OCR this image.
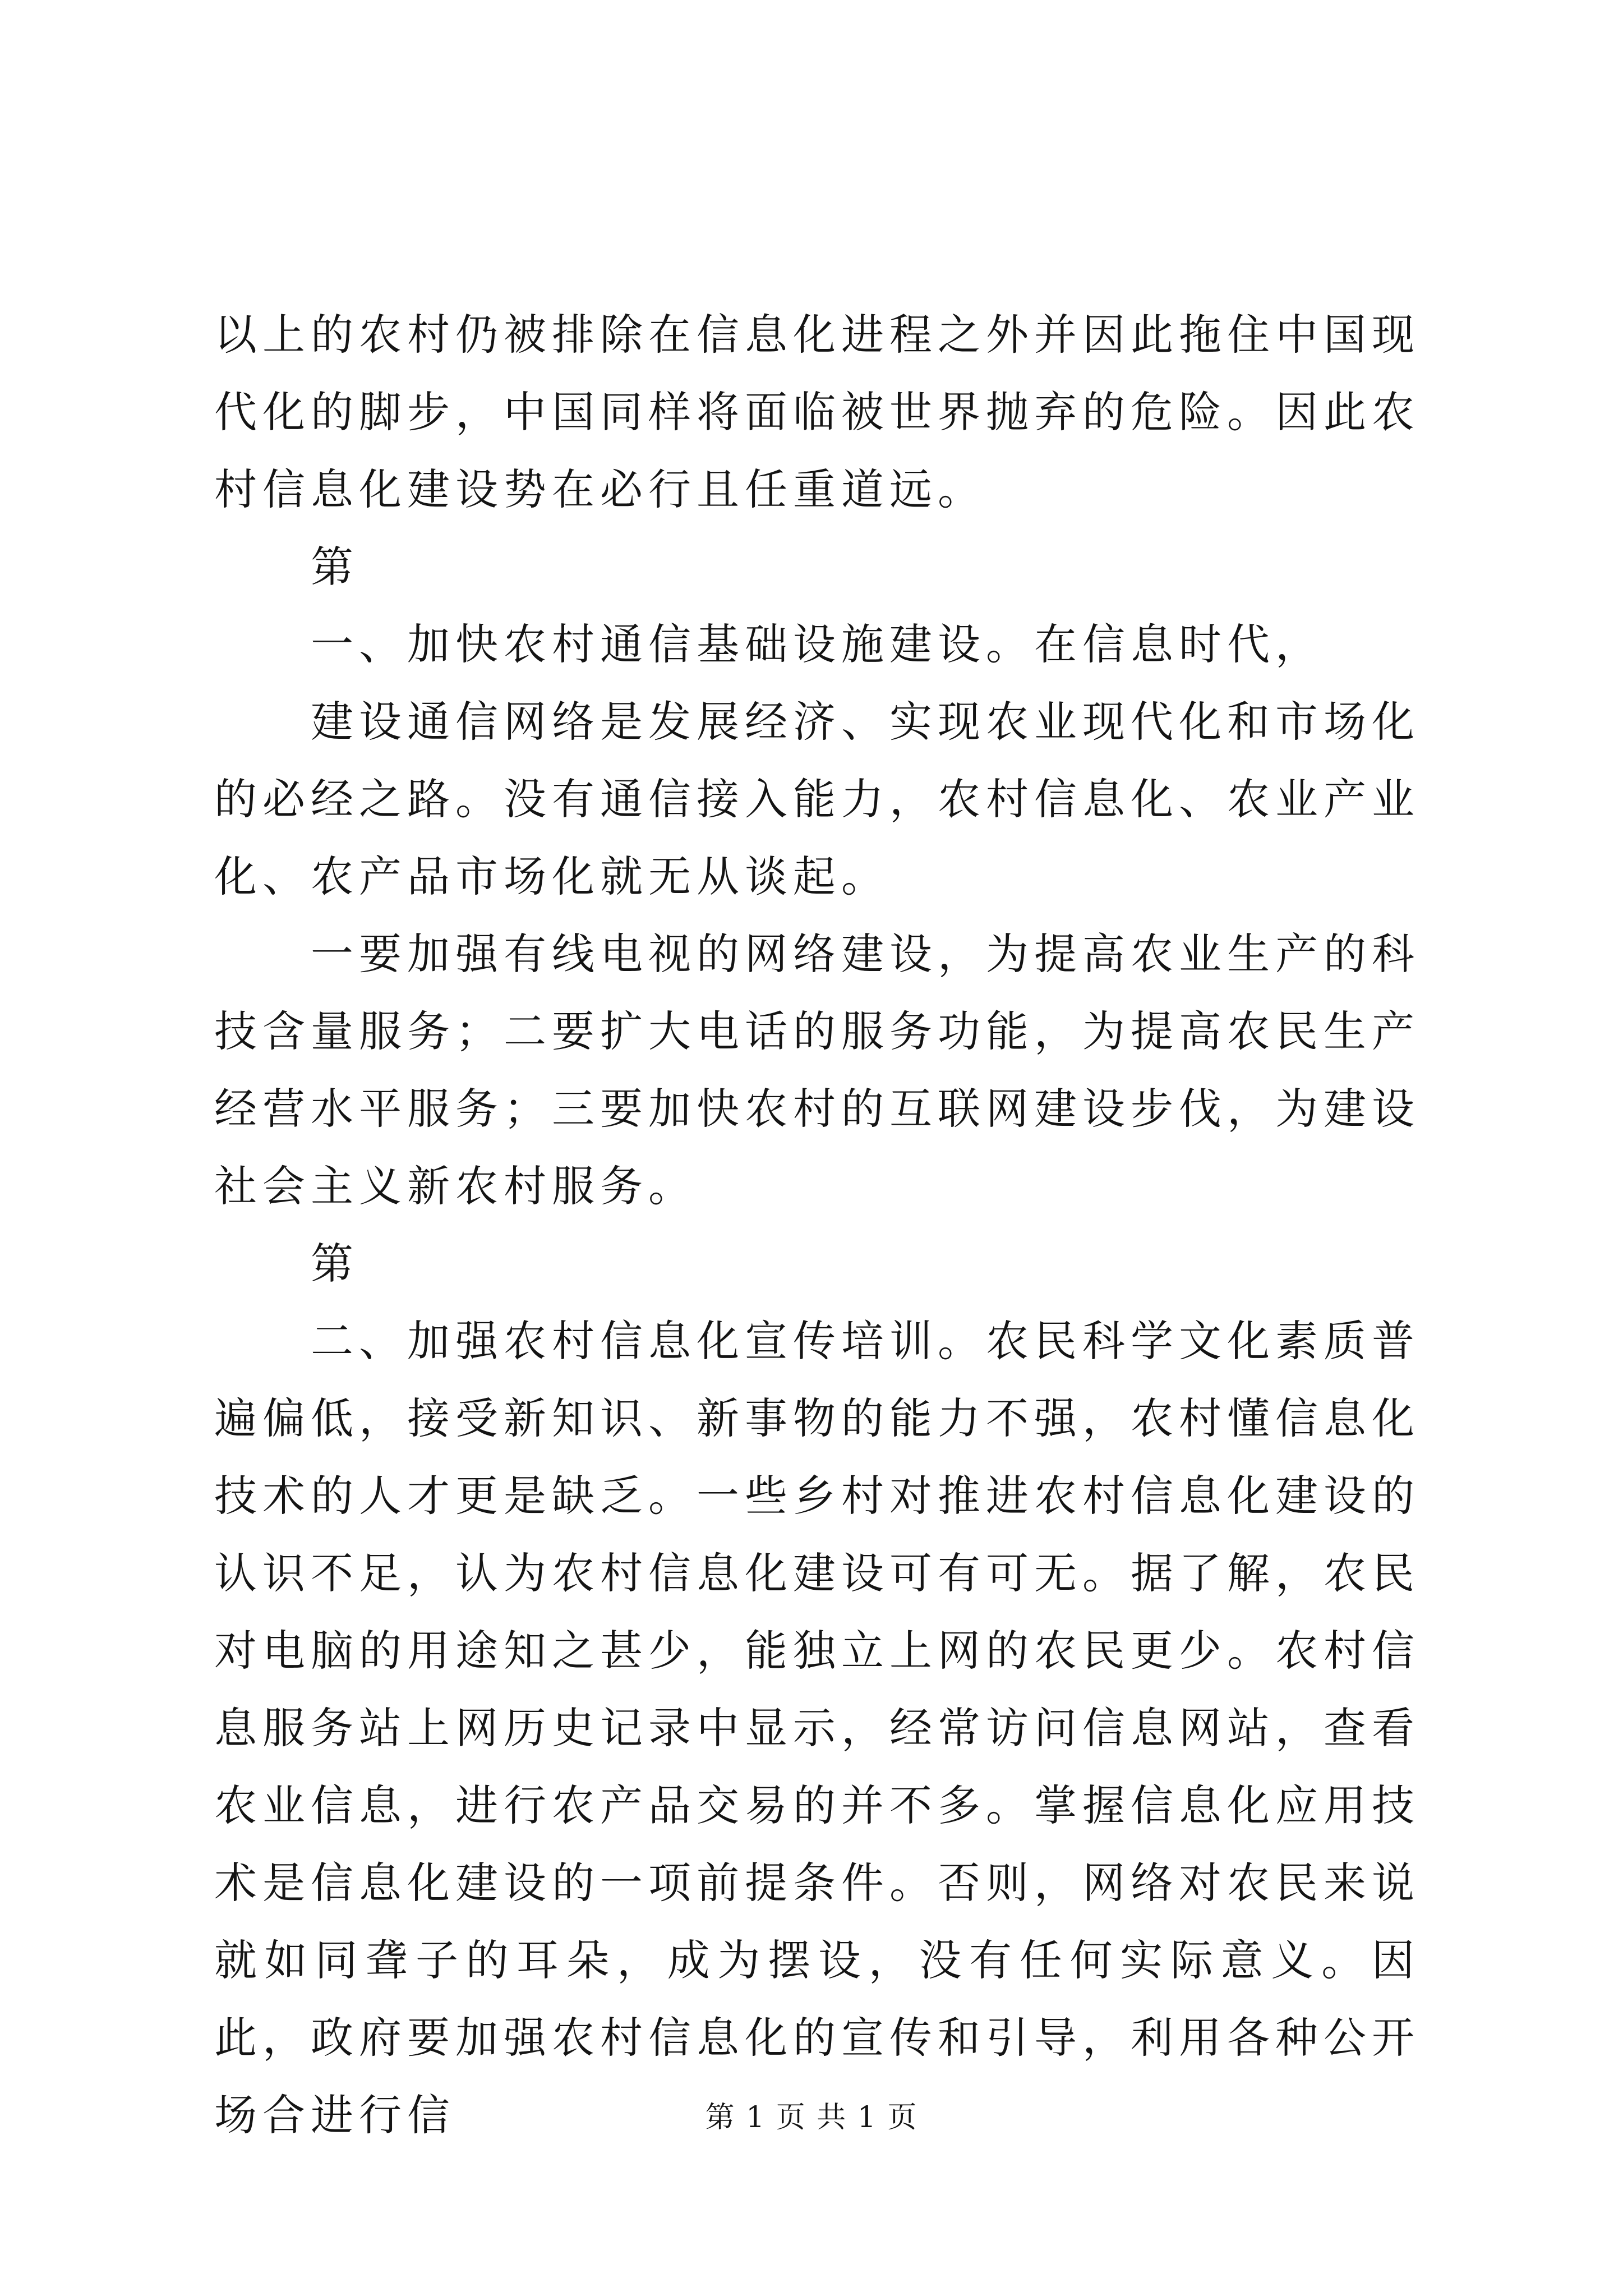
以上的农村仍被排除在信息化进程之外并因此拖住中国现代化的脚步，中国同样将面临被世界抛弃的危险。因此农村信息化建设势在必行且任重道远。

第

一、加快农村通信基础设施建设。在信息时代，

建设通信网络是发展经济、实现农业现代化和市场化的必经之路。没有通信接入能力，农村信息化、农业产业化、农产品市场化就无从谈起。

一要加强有线电视的网络建设，为提高农业生产的科技含量服务；二要扩大电话的服务功能，为提高农民生产经营水平服务；三要加快农村的互联网建设步伐，为建设社会主义新农村服务。

第

二、加强农村信息化宣传培训。农民科学文化素质普遍偏低，接受新知识、新事物的能力不强，农村懂信息化技术的人才更是缺乏。一些乡村对推进农村信息化建设的认识不足，认为农村信息化建设可有可无。据了解，农民对电脑的用途知之甚少，能独立上网的农民更少。农村信息服务站上网历史记录中显示，经常访问信息网站，查看农业信息，进行农产品交易的并不多。掌握信息化应用技术是信息化建设的一项前提条件。否则，网络对农民来说就如同聋子的耳朵，成为摆设，没有任何实际意义。因此，政府要加强农村信息化的宣传和引导，利用各种公开场合进行信	第 1 页 共 1 页
